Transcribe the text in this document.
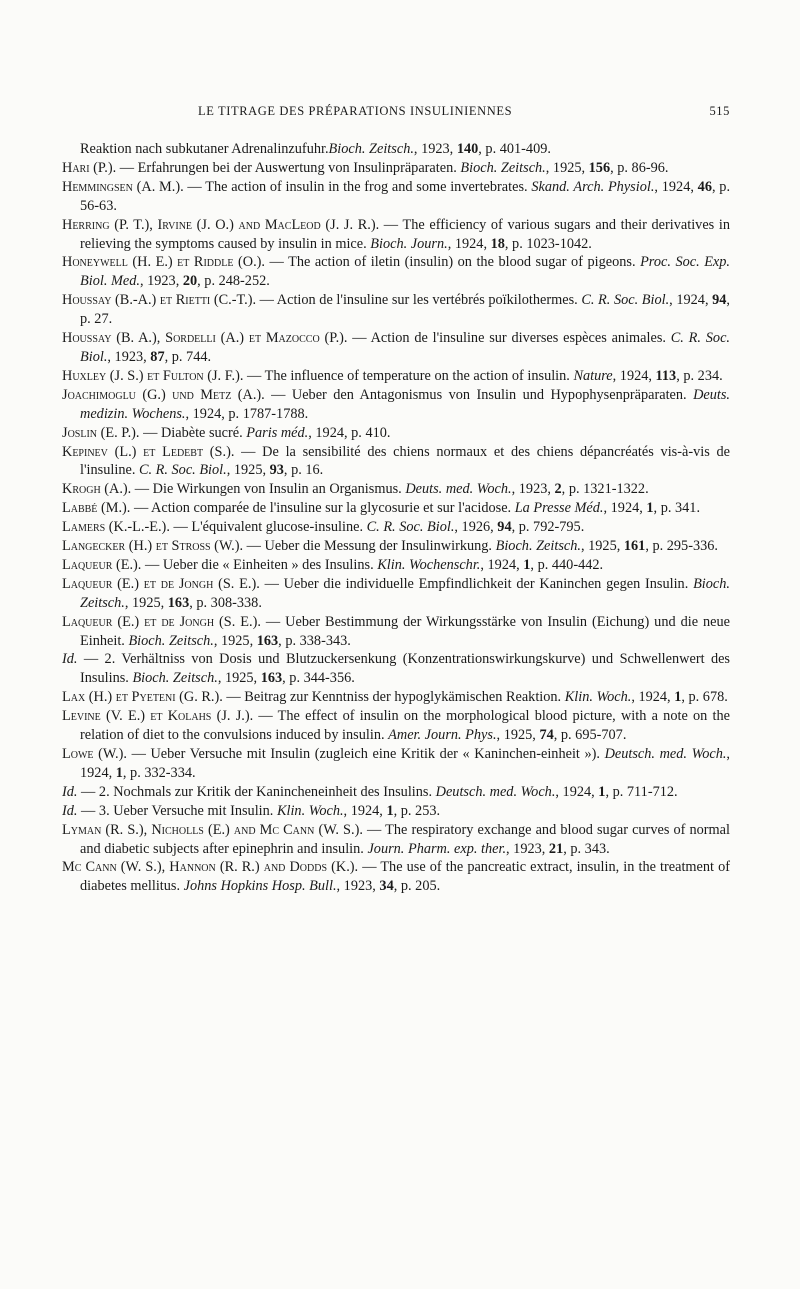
LE TITRAGE DES PRÉPARATIONS INSULINIENNES	515

Reaktion nach subkutaner Adrenalinzufuhr.Bioch. Zeitsch., 1923, 140, p. 401-409.

Hari (P.). — Erfahrungen bei der Auswertung von Insulinpräparaten. Bioch. Zeitsch., 1925, 156, p. 86-96.

Hemmingsen (A. M.). — The action of insulin in the frog and some invertebrates. Skand. Arch. Physiol., 1924, 46, p. 56-63.

Herring (P. T.), Irvine (J. O.) and MacLeod (J. J. R.). — The efficiency of various sugars and their derivatives in relieving the symptoms caused by insulin in mice. Bioch. Journ., 1924, 18, p. 1023-1042.

Honeywell (H. E.) et Riddle (O.). — The action of iletin (insulin) on the blood sugar of pigeons. Proc. Soc. Exp. Biol. Med., 1923, 20, p. 248-252.

Houssay (B.-A.) et Rietti (C.-T.). — Action de l'insuline sur les vertébrés poïkilothermes. C. R. Soc. Biol., 1924, 94, p. 27.

Houssay (B. A.), Sordelli (A.) et Mazocco (P.). — Action de l'insuline sur diverses espèces animales. C. R. Soc. Biol., 1923, 87, p. 744.

Huxley (J. S.) et Fulton (J. F.). — The influence of temperature on the action of insulin. Nature, 1924, 113, p. 234.

Joachimoglu (G.) und Metz (A.). — Ueber den Antagonismus von Insulin und Hypophysenpräparaten. Deuts. medizin. Wochens., 1924, p. 1787-1788.

Joslin (E. P.). — Diabète sucré. Paris méd., 1924, p. 410.

Kepinev (L.) et Ledebt (S.). — De la sensibilité des chiens normaux et des chiens dépancréatés vis-à-vis de l'insuline. C. R. Soc. Biol., 1925, 93, p. 16.

Krogh (A.). — Die Wirkungen von Insulin an Organismus. Deuts. med. Woch., 1923, 2, p. 1321-1322.

Labbé (M.). — Action comparée de l'insuline sur la glycosurie et sur l'acidose. La Presse Méd., 1924, 1, p. 341.

Lamers (K.-L.-E.). — L'équivalent glucose-insuline. C. R. Soc. Biol., 1926, 94, p. 792-795.

Langecker (H.) et Stross (W.). — Ueber die Messung der Insulinwirkung. Bioch. Zeitsch., 1925, 161, p. 295-336.

Laqueur (E.). — Ueber die « Einheiten » des Insulins. Klin. Wochenschr., 1924, 1, p. 440-442.

Laqueur (E.) et de Jongh (S. E.). — Ueber die individuelle Empfindlichkeit der Kaninchen gegen Insulin. Bioch. Zeitsch., 1925, 163, p. 308-338.

Laqueur (E.) et de Jongh (S. E.). — Ueber Bestimmung der Wirkungsstärke von Insulin (Eichung) und die neue Einheit. Bioch. Zeitsch., 1925, 163, p. 338-343.

Id. — 2. Verhältniss von Dosis und Blutzuckersenkung (Konzentrationswirkungskurve) und Schwellenwert des Insulins. Bioch. Zeitsch., 1925, 163, p. 344-356.

Lax (H.) et Pyeteni (G. R.). — Beitrag zur Kenntniss der hypoglykämischen Reaktion. Klin. Woch., 1924, 1, p. 678.

Levine (V. E.) et Kolahs (J. J.). — The effect of insulin on the morphological blood picture, with a note on the relation of diet to the convulsions induced by insulin. Amer. Journ. Phys., 1925, 74, p. 695-707.

Lowe (W.). — Ueber Versuche mit Insulin (zugleich eine Kritik der « Kaninchen-einheit »). Deutsch. med. Woch., 1924, 1, p. 332-334.

Id. — 2. Nochmals zur Kritik der Kanincheneinheit des Insulins. Deutsch. med. Woch., 1924, 1, p. 711-712.

Id. — 3. Ueber Versuche mit Insulin. Klin. Woch., 1924, 1, p. 253.

Lyman (R. S.), Nicholls (E.) and Mc Cann (W. S.). — The respiratory exchange and blood sugar curves of normal and diabetic subjects after epinephrin and insulin. Journ. Pharm. exp. ther., 1923, 21, p. 343.

Mc Cann (W. S.), Hannon (R. R.) and Dodds (K.). — The use of the pancreatic extract, insulin, in the treatment of diabetes mellitus. Johns Hopkins Hosp. Bull., 1923, 34, p. 205.
